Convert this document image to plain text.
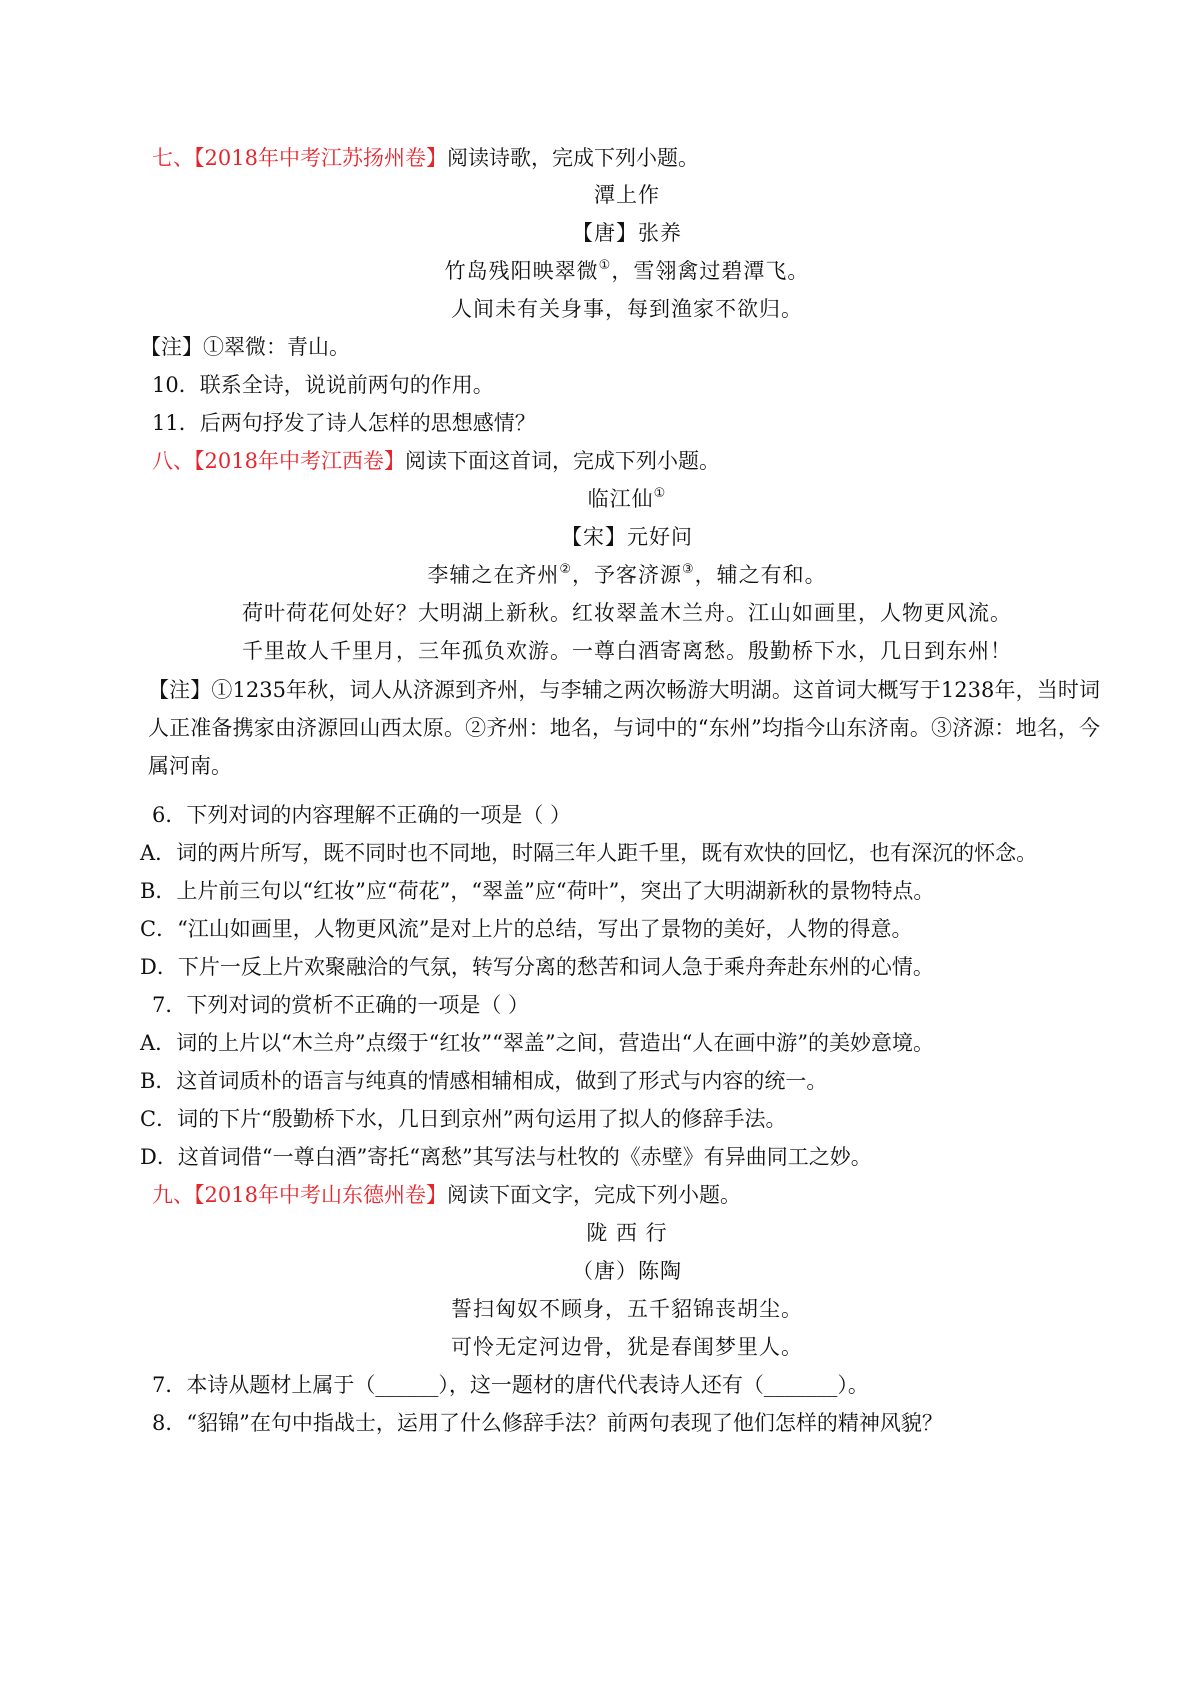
七、【2018年中考江苏扬州卷】阅读诗歌，完成下列小题。
潭上作
【唐】张养
竹岛残阳映翠微①，雪翎禽过碧潭飞。
人间未有关身事，每到渔家不欲归。
【注】①翠微：青山。
10．联系全诗，说说前两句的作用。
11．后两句抒发了诗人怎样的思想感情？
八、【2018年中考江西卷】阅读下面这首词，完成下列小题。
临江仙①
【宋】元好问
李辅之在齐州②，予客济源③，辅之有和。
荷叶荷花何处好？大明湖上新秋。红妆翠盖木兰舟。江山如画里，人物更风流。
千里故人千里月，三年孤负欢游。一尊白酒寄离愁。殷勤桥下水，几日到东州！
【注】①1235年秋，词人从济源到齐州，与李辅之两次畅游大明湖。这首词大概写于1238年，当时词人正准备携家由济源回山西太原。②齐州：地名，与词中的“东州”均指今山东济南。③济源：地名，今属河南。
6．下列对词的内容理解不正确的一项是（ ）
A．词的两片所写，既不同时也不同地，时隔三年人距千里，既有欢快的回忆，也有深沉的怀念。
B．上片前三句以“红妆”应“荷花”，“翠盖”应“荷叶”，突出了大明湖新秋的景物特点。
C．“江山如画里，人物更风流”是对上片的总结，写出了景物的美好，人物的得意。
D．下片一反上片欢聚融洽的气氛，转写分离的愁苦和词人急于乘舟奔赴东州的心情。
7．下列对词的赏析不正确的一项是（ ）
A．词的上片以“木兰舟”点缀于“红妆”“翠盖”之间，营造出“人在画中游”的美妙意境。
B．这首词质朴的语言与纯真的情感相辅相成，做到了形式与内容的统一。
C．词的下片“殷勤桥下水，几日到京州”两句运用了拟人的修辞手法。
D．这首词借“一尊白酒”寄托“离愁”其写法与杜牧的《赤壁》有异曲同工之妙。
九、【2018年中考山东德州卷】阅读下面文字，完成下列小题。
陇 西 行
（唐）陈陶
誓扫匈奴不顾身，五千貂锦丧胡尘。
可怜无定河边骨，犹是春闺梦里人。
7．本诗从题材上属于（______），这一题材的唐代代表诗人还有（_______）。
8．“貂锦”在句中指战士，运用了什么修辞手法？前两句表现了他们怎样的精神风貌？
